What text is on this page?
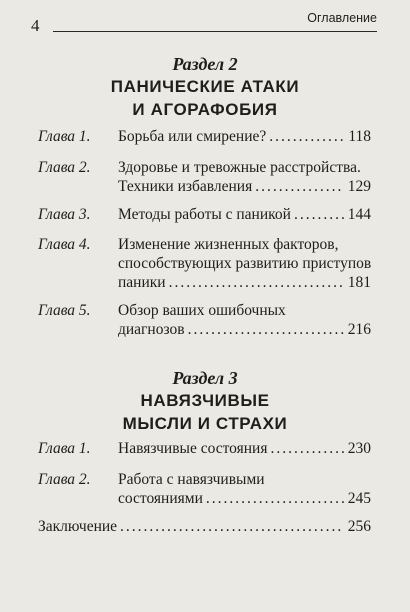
4	Оглавление
Раздел 2
ПАНИЧЕСКИЕ АТАКИ
И АГОРАФОБИЯ
Глава 1. Борьба или смирение? .....	118
Глава 2. Здоровье и тревожные расстройства.
Техники избавления .....	129
Глава 3. Методы работы с паникой .....	144
Глава 4. Изменение жизненных факторов,
способствующих развитию приступов
паники .....	181
Глава 5. Обзор ваших ошибочных
диагнозов .....	216
Раздел 3
НАВЯЗЧИВЫЕ
МЫСЛИ И СТРАХИ
Глава 1. Навязчивые состояния .....	230
Глава 2. Работа с навязчивыми
состояниями .....	245
Заключение .....	256
